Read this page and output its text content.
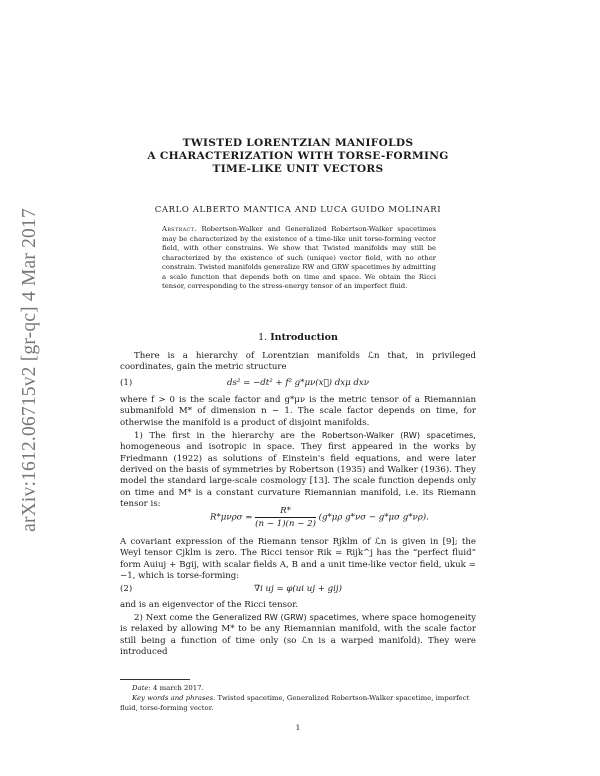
arXiv:1612.06715v2 [gr-qc] 4 Mar 2017
TWISTED LORENTZIAN MANIFOLDS
A CHARACTERIZATION WITH TORSE-FORMING
TIME-LIKE UNIT VECTORS
CARLO ALBERTO MANTICA AND LUCA GUIDO MOLINARI
Abstract. Robertson-Walker and Generalized Robertson-Walker spacetimes may be characterized by the existence of a time-like unit torse-forming vector field, with other constrains. We show that Twisted manifolds may still be characterized by the existence of such (unique) vector field, with no other constrain. Twisted manifolds generalize RW and GRW spacetimes by admitting a scale function that depends both on time and space. We obtain the Ricci tensor, corresponding to the stress-energy tensor of an imperfect fluid.
1. Introduction
There is a hierarchy of Lorentzian manifolds ℒn that, in privileged coordinates, gain the metric structure
(1)	ds² = −dt² + f² g*μν(x⃗) dxμ dxν
where f > 0 is the scale factor and g*μν is the metric tensor of a Riemannian submanifold M* of dimension n − 1. The scale factor depends on time, for otherwise the manifold is a product of disjoint manifolds.
1) The first in the hierarchy are the Robertson-Walker (RW) spacetimes, homogeneous and isotropic in space. They first appeared in the works by Friedmann (1922) as solutions of Einstein's field equations, and were later derived on the basis of symmetries by Robertson (1935) and Walker (1936). They model the standard large-scale cosmology [13]. The scale function depends only on time and M* is a constant curvature Riemannian manifold, i.e. its Riemann tensor is:
$R*\mu\nu\rho\sigma = \frac{R*}{(n - 1)(n - 2)} (g*\mu\rho$ g*νσ − g*μσ g*νρ).
A covariant expression of the Riemann tensor Rjklm of ℒn is given in [9]; the Weyl tensor Cjklm is zero. The Ricci tensor Rik = Rijk^j has the “perfect fluid” form Auiuj + Bgij, with scalar fields A, B and a unit time-like vector field, ukuk = −1, which is torse-forming:
(2)	∇i uj = φ(ui uj + gij)
and is an eigenvector of the Ricci tensor.
2) Next come the Generalized RW (GRW) spacetimes, where space homogeneity is relaxed by allowing M* to be any Riemannian manifold, with the scale factor still being a function of time only (so ℒn is a warped manifold). They were introduced
Date: 4 march 2017.
Key words and phrases. Twisted spacetime, Generalized Robertson-Walker spacetime, imperfect fluid, torse-forming vector.
1
